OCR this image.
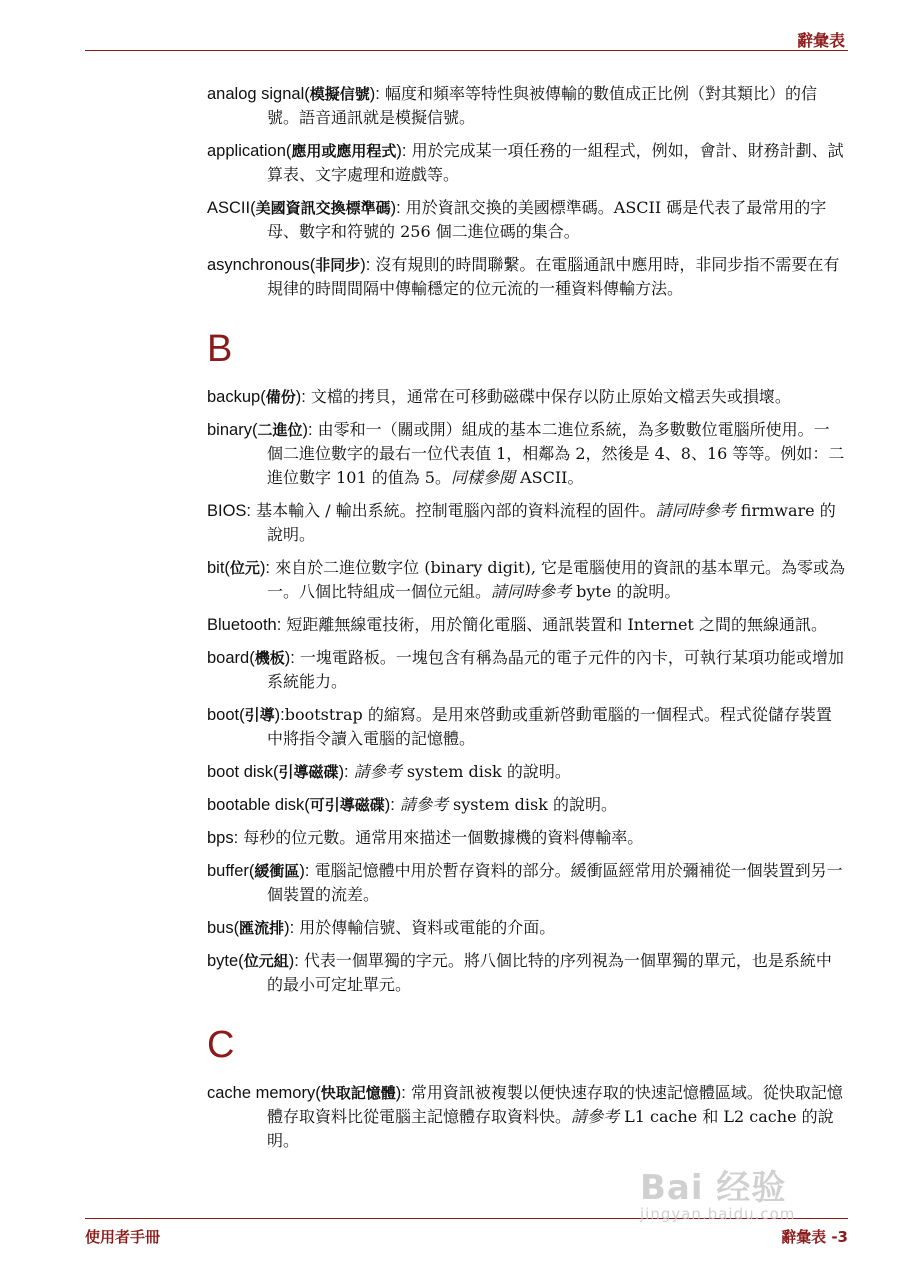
辭彙表
analog signal(模擬信號): 幅度和頻率等特性與被傳輸的數值成正比例（對其類比）的信號。語音通訊就是模擬信號。
application(應用或應用程式): 用於完成某一項任務的一組程式，例如，會計、財務計劃、試算表、文字處理和遊戲等。
ASCII(美國資訊交換標準碼): 用於資訊交換的美國標準碼。ASCII 碼是代表了最常用的字母、數字和符號的 256 個二進位碼的集合。
asynchronous(非同步): 沒有規則的時間聯繫。在電腦通訊中應用時，非同步指不需要在有規律的時間間隔中傳輸穩定的位元流的一種資料傳輸方法。
B
backup(備份): 文檔的拷貝，通常在可移動磁碟中保存以防止原始文檔丟失或損壞。
binary(二進位): 由零和一（關或開）組成的基本二進位系統，為多數數位電腦所使用。一個二進位數字的最右一位代表值 1，相鄰為 2，然後是 4、8、16 等等。例如：二進位數字 101 的值為 5。同樣參閱 ASCII。
BIOS: 基本輸入 / 輸出系統。控制電腦內部的資料流程的固件。請同時參考 firmware 的說明。
bit(位元): 來自於二進位數字位 (binary digit), 它是電腦使用的資訊的基本單元。為零或為一。八個比特組成一個位元組。請同時參考 byte 的說明。
Bluetooth: 短距離無線電技術，用於簡化電腦、通訊裝置和 Internet 之間的無線通訊。
board(機板): 一塊電路板。一塊包含有稱為晶元的電子元件的內卡，可執行某項功能或增加系統能力。
boot(引導):bootstrap 的縮寫。是用來啓動或重新啓動電腦的一個程式。程式從儲存裝置中將指令讀入電腦的記憶體。
boot disk(引導磁碟): 請參考 system disk 的說明。
bootable disk(可引導磁碟): 請參考 system disk 的說明。
bps: 每秒的位元數。通常用來描述一個數據機的資料傳輸率。
buffer(緩衝區): 電腦記憶體中用於暫存資料的部分。緩衝區經常用於彌補從一個裝置到另一個裝置的流差。
bus(匯流排): 用於傳輸信號、資料或電能的介面。
byte(位元組): 代表一個單獨的字元。將八個比特的序列視為一個單獨的單元，也是系統中的最小可定址單元。
C
cache memory(快取記憶體): 常用資訊被複製以便快速存取的快速記憶體區域。從快取記憶體存取資料比從電腦主記憶體存取資料快。請參考 L1 cache 和 L2 cache 的說明。
使用者手冊	辭彙表 -3
Bai 经验
jingyan.baidu.com
